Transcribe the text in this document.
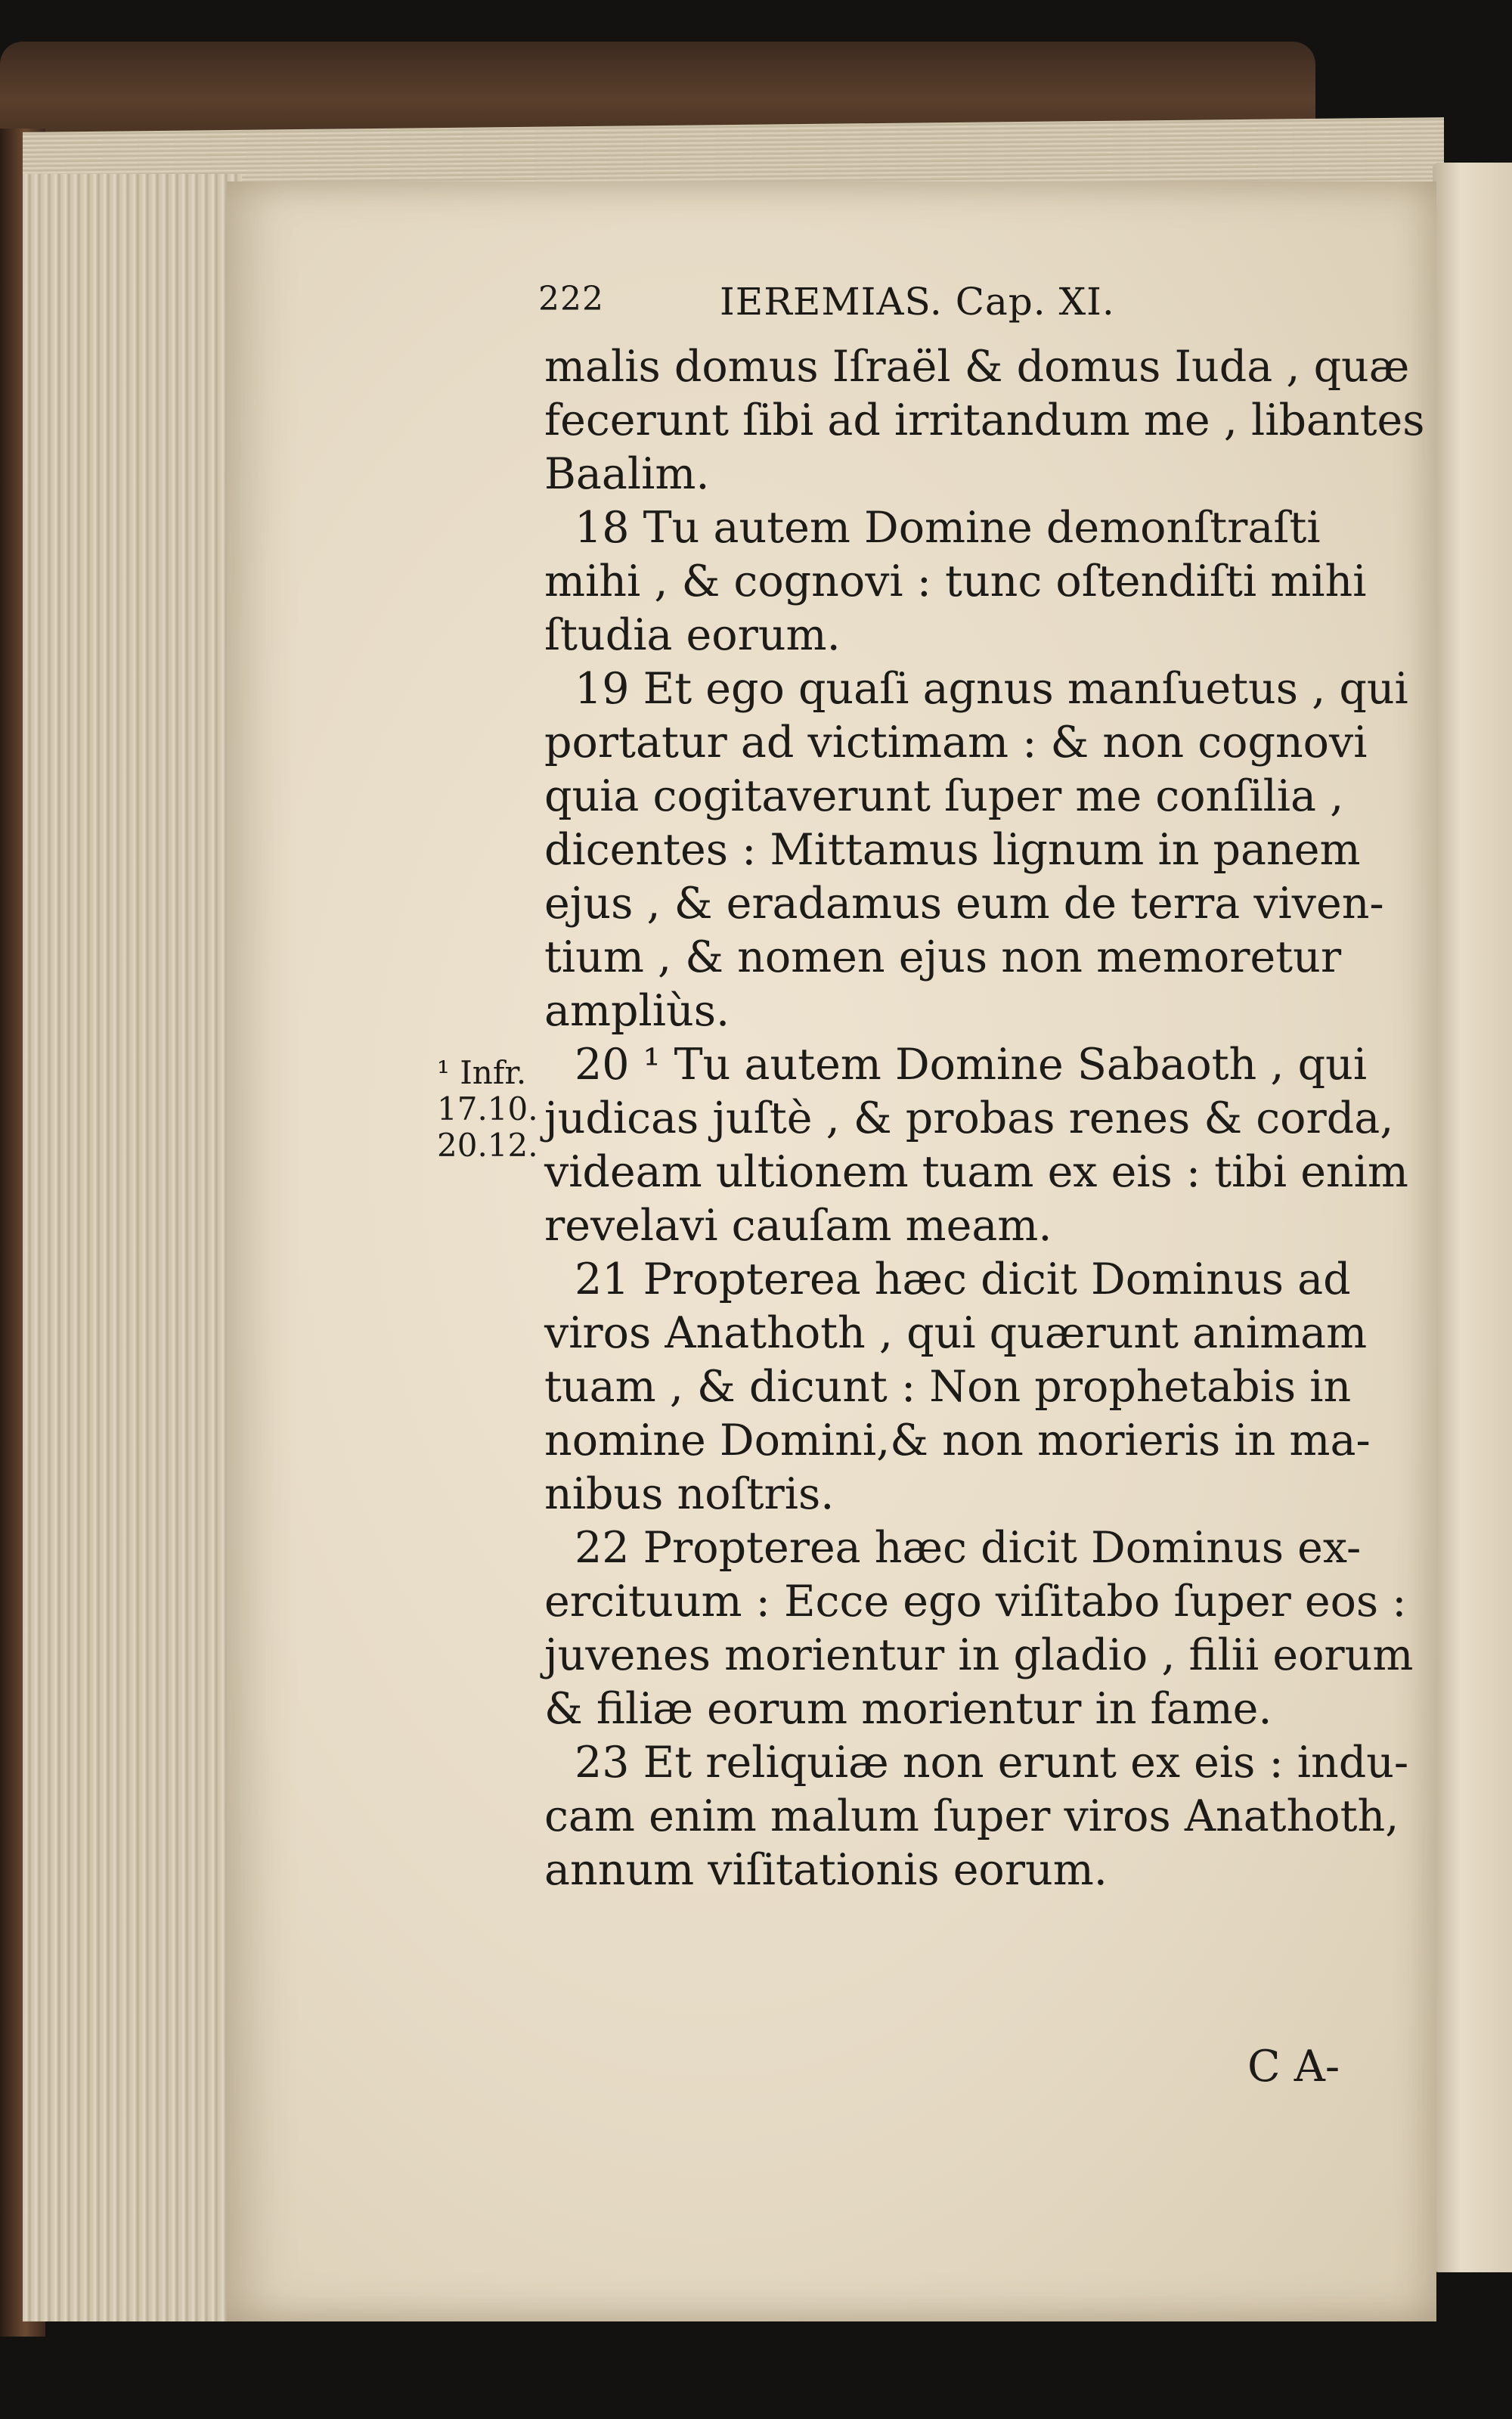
222	IEREMIAS. Cap. XI.
¹ Infr.
17.10.
20.12.
malis domus Iſraël & domus Iuda , quæ
fecerunt ſibi ad irritandum me , libantes
Baalim.
18 Tu autem Domine demonſtraſti
mihi , & cognovi : tunc oſtendiſti mihi
ſtudia eorum.
19 Et ego quaſi agnus manſuetus , qui
portatur ad victimam : & non cognovi
quia cogitaverunt ſuper me conſilia ,
dicentes : Mittamus lignum in panem
ejus , & eradamus eum de terra viven-
tium , & nomen ejus non memoretur
ampliùs.
20 ¹ Tu autem Domine Sabaoth , qui
judicas juſtè , & probas renes & corda,
videam ultionem tuam ex eis : tibi enim
revelavi cauſam meam.
21 Propterea hæc dicit Dominus ad
viros Anathoth , qui quærunt animam
tuam , & dicunt : Non prophetabis in
nomine Domini,& non morieris in ma-
nibus noſtris.
22 Propterea hæc dicit Dominus ex-
ercituum : Ecce ego viſitabo ſuper eos :
juvenes morientur in gladio , filii eorum
& filiæ eorum morientur in fame.
23 Et reliquiæ non erunt ex eis : indu-
cam enim malum ſuper viros Anathoth,
annum viſitationis eorum.
C A-
